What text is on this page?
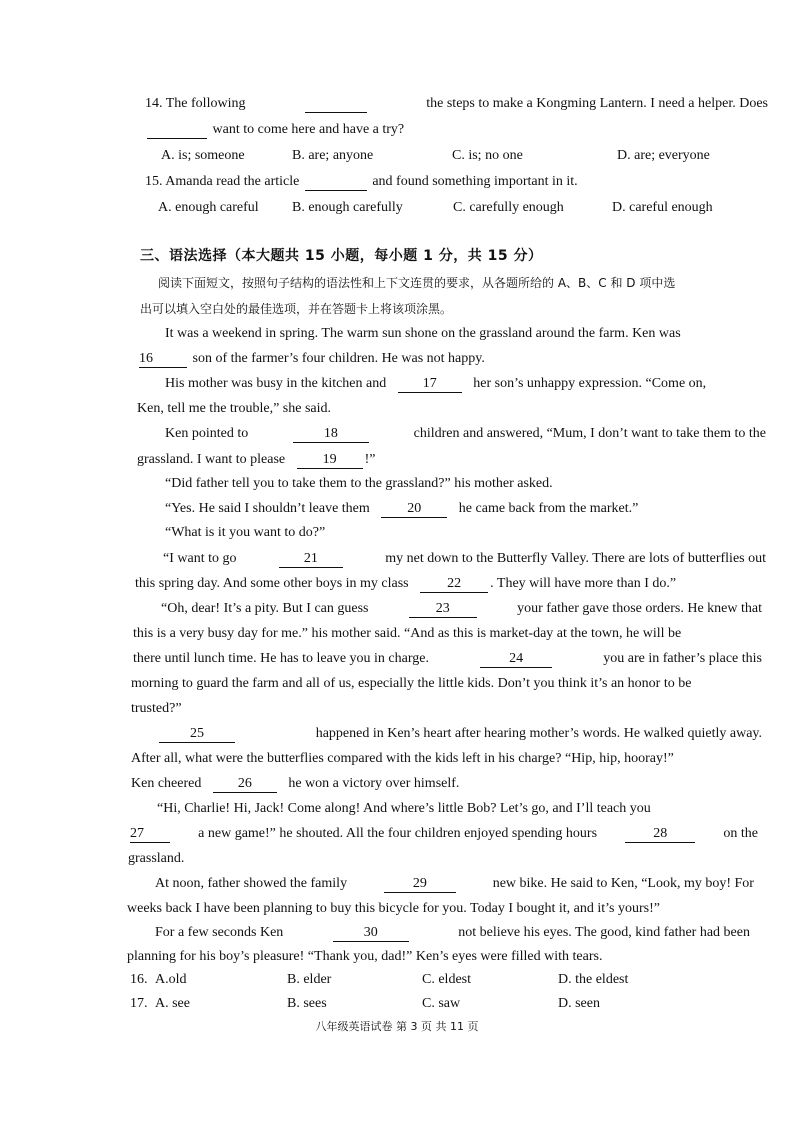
14. The following
	the steps to make a Kongming Lantern. I need a helper. Does
want to come here and have a try?
A. is; someone	B. are; anyone	C. is; no one	D. are; everyone
15. Amanda read the article	and found something important in it.
A. enough careful B. enough carefully	C. carefully enough	D. careful enough
三、语法选择（本大题共 15 小题，每小题 1 分，共 15 分）
阅读下面短文，按照句子结构的语法性和上下文连贯的要求，从各题所给的 A、B、C 和 D 项中选
出可以填入空白处的最佳选项，并在答题卡上将该项涂黑。
It was a weekend in spring. The warm sun shone on the grassland around the farm. Ken was
16	son of the farmer’s four children. He was not happy.
His mother was busy in the kitchen and	17	her son’s unhappy expression. “Come on,
Ken, tell me the trouble,” she said.
Ken pointed to	18	children and answered, “Mum, I don’t want to take them to the
grassland. I want to please	19 !”
“Did father tell you to take them to the grassland?” his mother asked.
“Yes. He said I shouldn’t leave them	20	he came back from the market.”
“What is it you want to do?”
“I want to go	21	my net down to the Butterfly Valley. There are lots of butterflies out
this spring day. And some other boys in my class	22 . They will have more than I do.”
“Oh, dear! It’s a pity. But I can guess	23	your father gave those orders. He knew that
this is a very busy day for me.” his mother said. “And as this is market-day at the town, he will be
there until lunch time. He has to leave you in charge.	24	you are in father’s place this
morning to guard the farm and all of us, especially the little kids. Don’t you think it’s an honor to be
trusted?”
25	happened in Ken’s heart after hearing mother’s words. He walked quietly away.
After all, what were the butterflies compared with the kids left in his charge? “Hip, hip, hooray!”
Ken cheered	26	he won a victory over himself.
“Hi, Charlie! Hi, Jack! Come along! And where’s little Bob? Let’s go, and I’ll teach you
27	a new game!” he shouted. All the four children enjoyed spending hours	28	on the
grassland.
At noon, father showed the family	29	new bike. He said to Ken, “Look, my boy! For
weeks back I have been planning to buy this bicycle for you. Today I bought it, and it’s yours!”
For a few seconds Ken	30	not believe his eyes. The good, kind father had been
planning for his boy’s pleasure! “Thank you, dad!” Ken’s eyes were filled with tears.
16. A.old	B. elder	C. eldest	D. the eldest
17. A. see	B. sees	C. saw	D. seen
八年级英语试卷 第 3 页 共 11 页
